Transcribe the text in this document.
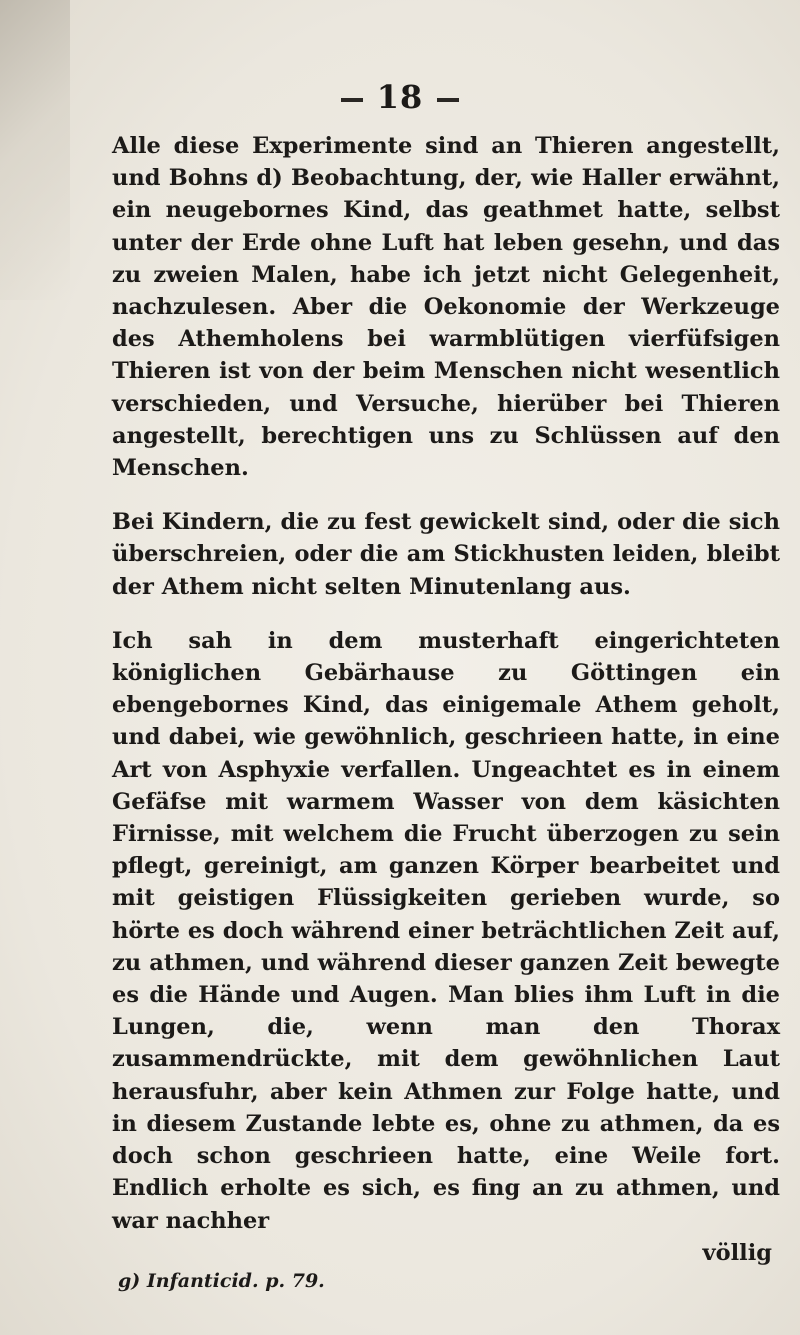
18

Alle diese Experimente sind an Thieren angestellt, und Bohns d) Beobachtung, der, wie Haller erwähnt, ein neugebornes Kind, das geathmet hatte, selbst unter der Erde ohne Luft hat leben gesehn, und das zu zweien Malen, habe ich jetzt nicht Gelegenheit, nachzulesen. Aber die Oekonomie der Werkzeuge des Athemholens bei warmblütigen vierfüfsigen Thieren ist von der beim Menschen nicht wesentlich verschieden, und Versuche, hierüber bei Thieren angestellt, berechtigen uns zu Schlüssen auf den Menschen.

Bei Kindern, die zu fest gewickelt sind, oder die sich überschreien, oder die am Stickhusten leiden, bleibt der Athem nicht selten Minutenlang aus.

Ich sah in dem musterhaft eingerichteten königlichen Gebärhause zu Göttingen ein ebengebornes Kind, das einigemale Athem geholt, und dabei, wie gewöhnlich, geschrieen hatte, in eine Art von Asphyxie verfallen. Ungeachtet es in einem Gefäfse mit warmem Wasser von dem käsichten Firnisse, mit welchem die Frucht überzogen zu sein pflegt, gereinigt, am ganzen Körper bearbeitet und mit geistigen Flüssigkeiten gerieben wurde, so hörte es doch während einer beträchtlichen Zeit auf, zu athmen, und während dieser ganzen Zeit bewegte es die Hände und Augen. Man blies ihm Luft in die Lungen, die, wenn man den Thorax zusammendrückte, mit dem gewöhnlichen Laut herausfuhr, aber kein Athmen zur Folge hatte, und in diesem Zustande lebte es, ohne zu athmen, da es doch schon geschrieen hatte, eine Weile fort. Endlich erholte es sich, es fing an zu athmen, und war nachher

völlig
g) Infanticid. p. 79.
